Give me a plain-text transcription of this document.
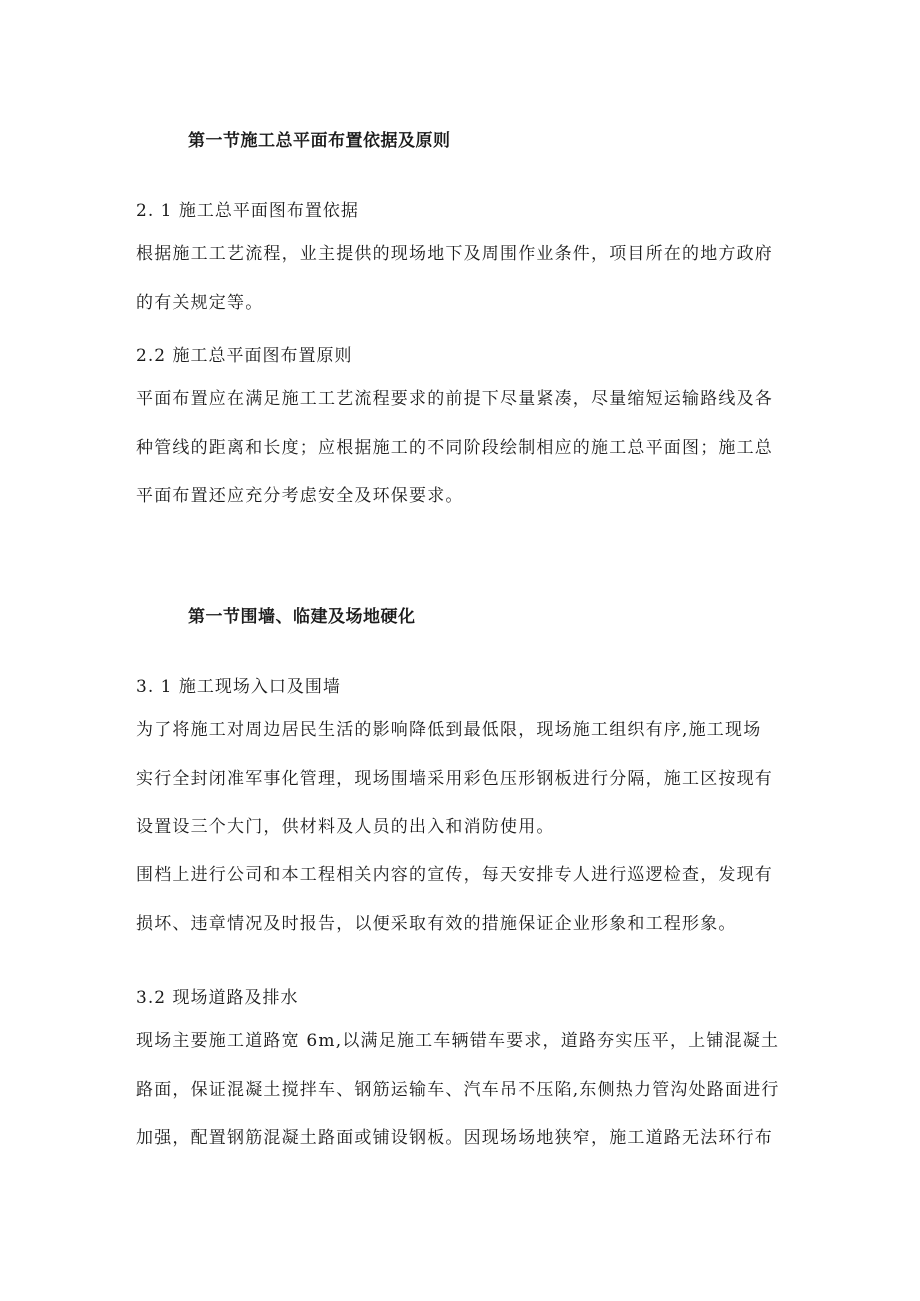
第一节施工总平面布置依据及原则
2. 1 施工总平面图布置依据

根据施工工艺流程，业主提供的现场地下及周围作业条件，项目所在的地方政府
的有关规定等。

2.2 施工总平面图布置原则

平面布置应在满足施工工艺流程要求的前提下尽量紧凑，尽量缩短运输路线及各
种管线的距离和长度；应根据施工的不同阶段绘制相应的施工总平面图；施工总
平面布置还应充分考虑安全及环保要求。

第一节围墙、临建及场地硬化
3. 1 施工现场入口及围墙

为了将施工对周边居民生活的影响降低到最低限，现场施工组织有序,施工现场
实行全封闭准军事化管理，现场围墙采用彩色压形钢板进行分隔，施工区按现有
设置设三个大门，供材料及人员的出入和消防使用。

围档上进行公司和本工程相关内容的宣传，每天安排专人进行巡逻检查，发现有
损坏、违章情况及时报告，以便采取有效的措施保证企业形象和工程形象。

3.2 现场道路及排水

现场主要施工道路宽 6m,以满足施工车辆错车要求，道路夯实压平，上铺混凝土
路面，保证混凝土搅拌车、钢筋运输车、汽车吊不压陷,东侧热力管沟处路面进行
加强，配置钢筋混凝土路面或铺设钢板。因现场场地狭窄，施工道路无法环行布
